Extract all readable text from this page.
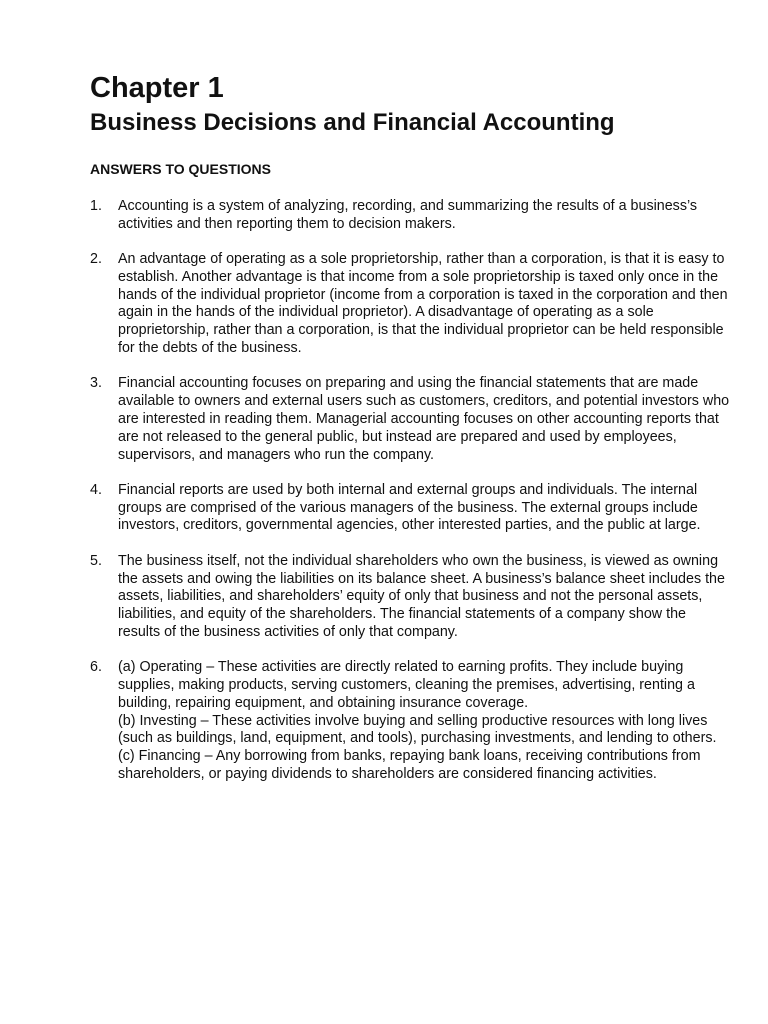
Chapter 1
Business Decisions and Financial Accounting
ANSWERS TO QUESTIONS
1. Accounting is a system of analyzing, recording, and summarizing the results of a business’s activities and then reporting them to decision makers.
2. An advantage of operating as a sole proprietorship, rather than a corporation, is that it is easy to establish. Another advantage is that income from a sole proprietorship is taxed only once in the hands of the individual proprietor (income from a corporation is taxed in the corporation and then again in the hands of the individual proprietor). A disadvantage of operating as a sole proprietorship, rather than a corporation, is that the individual proprietor can be held responsible for the debts of the business.
3. Financial accounting focuses on preparing and using the financial statements that are made available to owners and external users such as customers, creditors, and potential investors who are interested in reading them. Managerial accounting focuses on other accounting reports that are not released to the general public, but instead are prepared and used by employees, supervisors, and managers who run the company.
4. Financial reports are used by both internal and external groups and individuals. The internal groups are comprised of the various managers of the business. The external groups include investors, creditors, governmental agencies, other interested parties, and the public at large.
5. The business itself, not the individual shareholders who own the business, is viewed as owning the assets and owing the liabilities on its balance sheet. A business’s balance sheet includes the assets, liabilities, and shareholders’ equity of only that business and not the personal assets, liabilities, and equity of the shareholders. The financial statements of a company show the results of the business activities of only that company.
6. (a) Operating – These activities are directly related to earning profits. They include buying supplies, making products, serving customers, cleaning the premises, advertising, renting a building, repairing equipment, and obtaining insurance coverage.
(b) Investing – These activities involve buying and selling productive resources with long lives (such as buildings, land, equipment, and tools), purchasing investments, and lending to others.
(c) Financing – Any borrowing from banks, repaying bank loans, receiving contributions from shareholders, or paying dividends to shareholders are considered financing activities.
